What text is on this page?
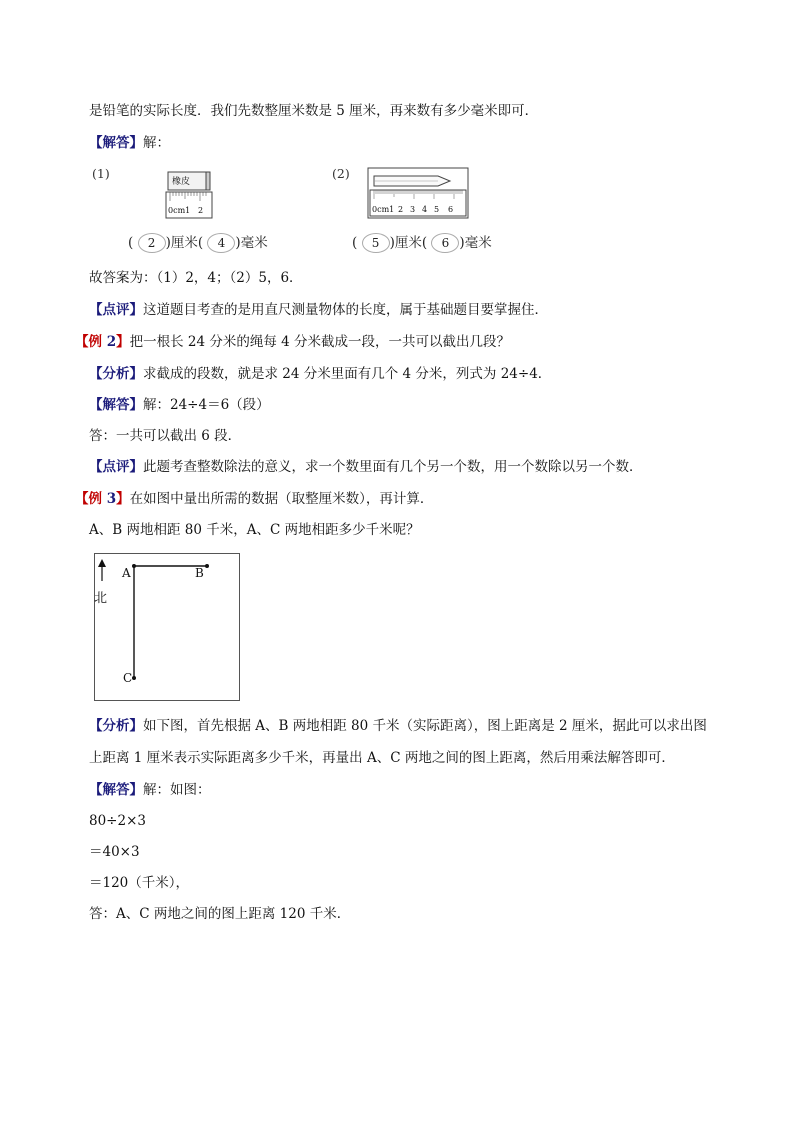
是铅笔的实际长度．我们先数整厘米数是 5 厘米，再来数有多少毫米即可．
【解答】解：
(1)
橡皮
0cm1 2
( 2 )厘米( 4 )毫米
(2)
0cm1 2 3 4 5 6
( 5 )厘米( 6 )毫米
故答案为：（1）2，4；（2）5，6．
【点评】这道题目考查的是用直尺测量物体的长度，属于基础题目要掌握住．
【例 2】把一根长 24 分米的绳每 4 分米截成一段，一共可以截出几段？
【分析】求截成的段数，就是求 24 分米里面有几个 4 分米，列式为 24÷4．
【解答】解：24÷4＝6（段）
答：一共可以截出 6 段．
【点评】此题考查整数除法的意义，求一个数里面有几个另一个数，用一个数除以另一个数．
【例 3】在如图中量出所需的数据（取整厘米数），再计算．
A、B 两地相距 80 千米，A、C 两地相距多少千米呢？
北
A	B
C
【分析】如下图，首先根据 A、B 两地相距 80 千米（实际距离），图上距离是 2 厘米，据此可以求出图
上距离 1 厘米表示实际距离多少千米，再量出 A、C 两地之间的图上距离，然后用乘法解答即可．
【解答】解：如图：
80÷2×3
＝40×3
＝120（千米），
答：A、C 两地之间的图上距离 120 千米．
